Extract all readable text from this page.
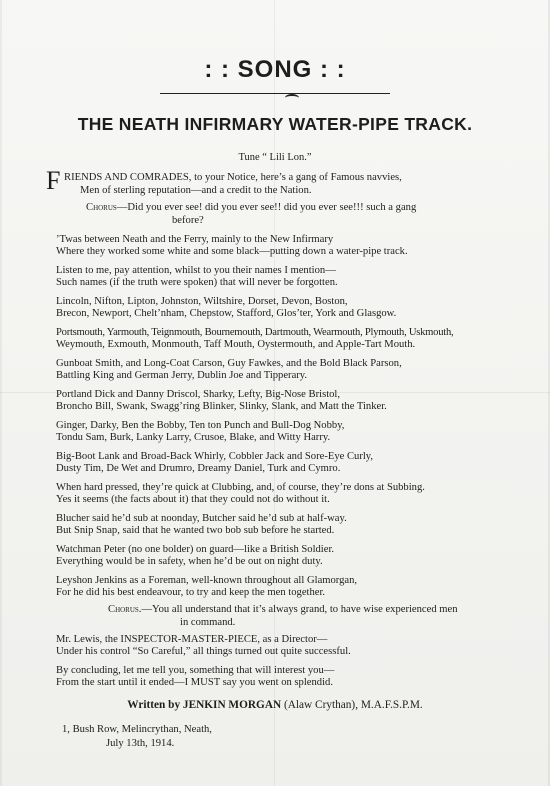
: : SONG : :
THE NEATH INFIRMARY WATER-PIPE TRACK.
Tune “ Lili Lon.”
F RIENDS AND COMRADES, to your Notice, here’s a gang of Famous navvies,
Men of sterling reputation—and a credit to the Nation.
Chorus—Did you ever see! did you ever see!! did you ever see!!! such a gang
before?
’Twas between Neath and the Ferry, mainly to the New Infirmary
Where they worked some white and some black—putting down a water-pipe track.
Listen to me, pay attention, whilst to you their names I mention—
Such names (if the truth were spoken) that will never be forgotten.
Lincoln, Nifton, Lipton, Johnston, Wiltshire, Dorset, Devon, Boston,
Brecon, Newport, Chelt’nham, Chepstow, Stafford, Glos’ter, York and Glasgow.
Portsmouth, Yarmouth, Teignmouth, Bournemouth, Dartmouth, Wearmouth, Plymouth, Uskmouth,
Weymouth, Exmouth, Monmouth, Taff Mouth, Oystermouth, and Apple-Tart Mouth.
Gunboat Smith, and Long-Coat Carson, Guy Fawkes, and the Bold Black Parson,
Battling King and German Jerry, Dublin Joe and Tipperary.
Portland Dick and Danny Driscol, Sharky, Lefty, Big-Nose Bristol,
Broncho Bill, Swank, Swagg’ring Blinker, Slinky, Slank, and Matt the Tinker.
Ginger, Darky, Ben the Bobby, Ten ton Punch and Bull-Dog Nobby,
Tondu Sam, Burk, Lanky Larry, Crusoe, Blake, and Witty Harry.
Big-Boot Lank and Broad-Back Whirly, Cobbler Jack and Sore-Eye Curly,
Dusty Tim, De Wet and Drumro, Dreamy Daniel, Turk and Cymro.
When hard pressed, they’re quick at Clubbing, and, of course, they’re dons at Subbing.
Yes it seems (the facts about it) that they could not do without it.
Blucher said he’d sub at noonday, Butcher said he’d sub at half-way.
But Snip Snap, said that he wanted two bob sub before he started.
Watchman Peter (no one bolder) on guard—like a British Soldier.
Everything would be in safety, when he’d be out on night duty.
Leyshon Jenkins as a Foreman, well-known throughout all Glamorgan,
For he did his best endeavour, to try and keep the men together.
Chorus.—You all understand that it’s always grand, to have wise experienced men
in command.
Mr. Lewis, the INSPECTOR-MASTER-PIECE, as a Director—
Under his control “So Careful,” all things turned out quite successful.
By concluding, let me tell you, something that will interest you—
From the start until it ended—I MUST say you went on splendid.
Written by JENKIN MORGAN (Alaw Crythan), M.A.F.S.P.M.
1, Bush Row, Melincrythan, Neath,
July 13th, 1914.
